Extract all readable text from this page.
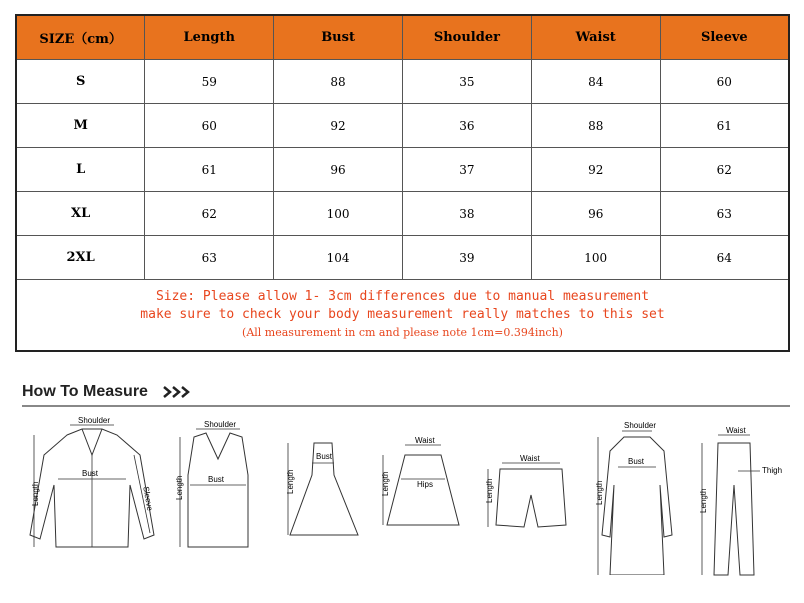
SIZE（cm）	Length	Bust	Shoulder	Waist	Sleeve
S	59	88	35	84	60
M	60	92	36	88	61
L	61	96	37	92	62
XL	62	100	38	96	63
2XL	63	104	39	100	64

Size: Please allow 1- 3cm differences due to manual measurement
make sure to check your body measurement really matches to this set
(All measurement in cm and please note 1cm=0.394inch)					
How To Measure
Shoulder
Bust
Length	Sleeve
Shoulder
Bust
Length
Bust
Length
Waist
Hips
Length
Waist
Length
Shoulder
Bust
Length
Waist
Thigh
Length
